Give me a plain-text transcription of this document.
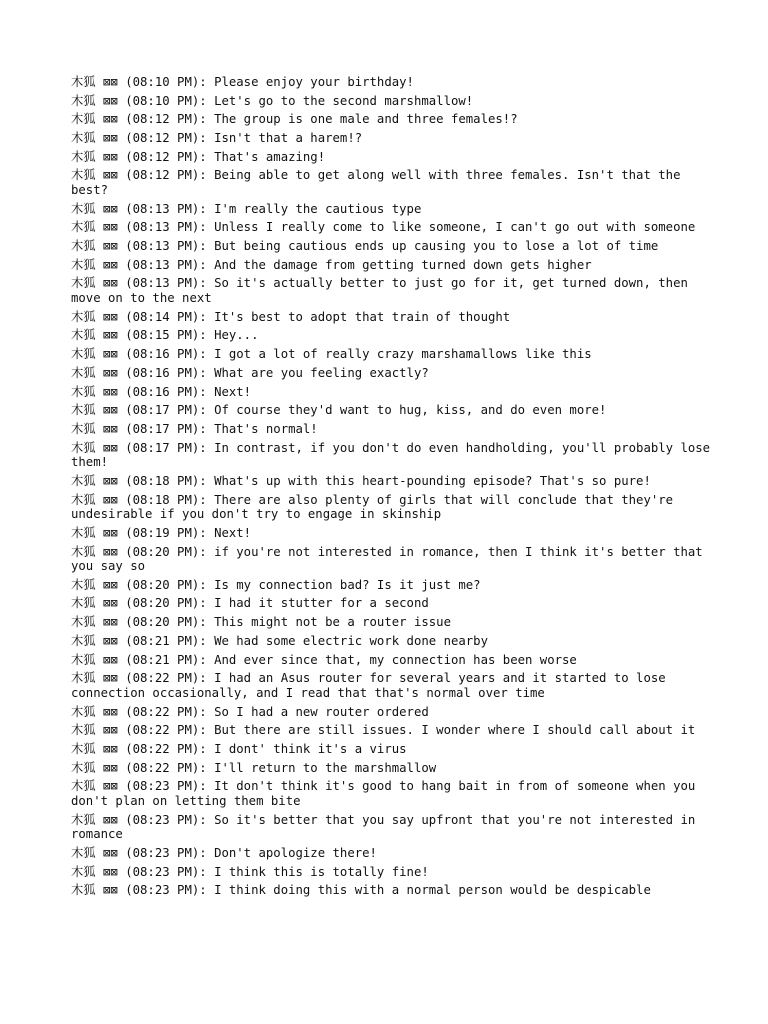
木狐 ⊠⊠ (08:10 PM): Please enjoy your birthday!
木狐 ⊠⊠ (08:10 PM): Let's go to the second marshmallow!
木狐 ⊠⊠ (08:12 PM): The group is one male and three females!?
木狐 ⊠⊠ (08:12 PM): Isn't that a harem!?
木狐 ⊠⊠ (08:12 PM): That's amazing!
木狐 ⊠⊠ (08:12 PM): Being able to get along well with three females. Isn't that the best?
木狐 ⊠⊠ (08:13 PM): I'm really the cautious type
木狐 ⊠⊠ (08:13 PM): Unless I really come to like someone, I can't go out with someone
木狐 ⊠⊠ (08:13 PM): But being cautious ends up causing you to lose a lot of time
木狐 ⊠⊠ (08:13 PM): And the damage from getting turned down gets higher
木狐 ⊠⊠ (08:13 PM): So it's actually better to just go for it, get turned down, then move on to the next
木狐 ⊠⊠ (08:14 PM): It's best to adopt that train of thought
木狐 ⊠⊠ (08:15 PM): Hey...
木狐 ⊠⊠ (08:16 PM): I got a lot of really crazy marshamallows like this
木狐 ⊠⊠ (08:16 PM): What are you feeling exactly?
木狐 ⊠⊠ (08:16 PM): Next!
木狐 ⊠⊠ (08:17 PM): Of course they'd want to hug, kiss, and do even more!
木狐 ⊠⊠ (08:17 PM): That's normal!
木狐 ⊠⊠ (08:17 PM): In contrast, if you don't do even handholding, you'll probably lose them!
木狐 ⊠⊠ (08:18 PM): What's up with this heart-pounding episode? That's so pure!
木狐 ⊠⊠ (08:18 PM): There are also plenty of girls that will conclude that they're undesirable if you don't try to engage in skinship
木狐 ⊠⊠ (08:19 PM): Next!
木狐 ⊠⊠ (08:20 PM): if you're not interested in romance, then I think it's better that you say so
木狐 ⊠⊠ (08:20 PM): Is my connection bad? Is it just me?
木狐 ⊠⊠ (08:20 PM): I had it stutter for a second
木狐 ⊠⊠ (08:20 PM): This might not be a router issue
木狐 ⊠⊠ (08:21 PM): We had some electric work done nearby
木狐 ⊠⊠ (08:21 PM): And ever since that, my connection has been worse
木狐 ⊠⊠ (08:22 PM): I had an Asus router for several years and it started to lose connection occasionally, and I read that that's normal over time
木狐 ⊠⊠ (08:22 PM): So I had a new router ordered
木狐 ⊠⊠ (08:22 PM): But there are still issues. I wonder where I should call about it
木狐 ⊠⊠ (08:22 PM): I dont' think it's a virus
木狐 ⊠⊠ (08:22 PM): I'll return to the marshmallow
木狐 ⊠⊠ (08:23 PM): It don't think it's good to hang bait in from of someone when you don't plan on letting them bite
木狐 ⊠⊠ (08:23 PM): So it's better that you say upfront that you're not interested in romance
木狐 ⊠⊠ (08:23 PM): Don't apologize there!
木狐 ⊠⊠ (08:23 PM): I think this is totally fine!
木狐 ⊠⊠ (08:23 PM): I think doing this with a normal person would be despicable
